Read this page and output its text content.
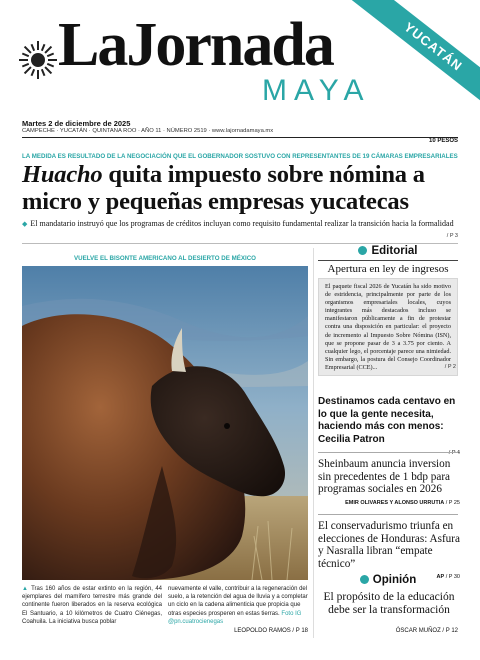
LaJornada
MAYA
YUCATÁN
Martes 2 de diciembre de 2025
CAMPECHE · YUCATÁN · QUINTANA ROO · AÑO 11 · NÚMERO 2519 · www.lajornadamaya.mx
10 PESOS
LA MEDIDA ES RESULTADO DE LA NEGOCIACIÓN QUE EL GOBERNADOR SOSTUVO CON REPRESENTANTES DE 19 CÁMARAS EMPRESARIALES
Huacho quita impuesto sobre nómina a micro y pequeñas empresas yucatecas
◆ El mandatario instruyó que los programas de créditos incluyan como requisito fundamental realizar la transición hacia la formalidad
/ P 3
VUELVE EL BISONTE AMERICANO AL DESIERTO DE MÉXICO
▲ Tras 160 años de estar extinto en la región, 44 ejemplares del mamífero terrestre más grande del continente fueron liberados en la reserva ecológica El Santuario, a 10 kilómetros de Cuatro Ciénegas, Coahuila. La iniciativa busca poblar
nuevamente el valle, contribuir a la regeneración del suelo, a la retención del agua de lluvia y a completar un ciclo en la cadena alimenticia que propicia que otras especies prosperen en estas tierras. Foto IG @pn.cuatrocienegas
LEOPOLDO RAMOS / P 18
Editorial
Apertura en ley de ingresos

El paquete fiscal 2026 de Yucatán ha sido motivo de estridencia, principalmente por parte de los organismos empresariales locales, cuyos integrantes más destacados incluso se manifestaron públicamente a fin de protestar contra una disposición en particular: el proyecto de incremento al Impuesto Sobre Nómina (ISN), que se propone pasar de 3 a 3.75 por ciento. A cualquier lego, el porcentaje parece una nimiedad. Sin embargo, la postura del Consejo Coordinador Empresarial (CCE)...	/ P 2
Destinamos cada centavo en lo que la gente necesita, haciendo más con menos: Cecilia Patron
/ P 4
Sheinbaum anuncia inversion sin precedentes de 1 bdp para programas sociales en 2026
EMIR OLIVARES Y ALONSO URRUTIA / P 25
El conservadurismo triunfa en elecciones de Honduras: Asfura y Nasralla libran “empate técnico”
AP / P 30
Opinión
El propósito de la educación debe ser la transformación
ÓSCAR MUÑOZ / P 12
